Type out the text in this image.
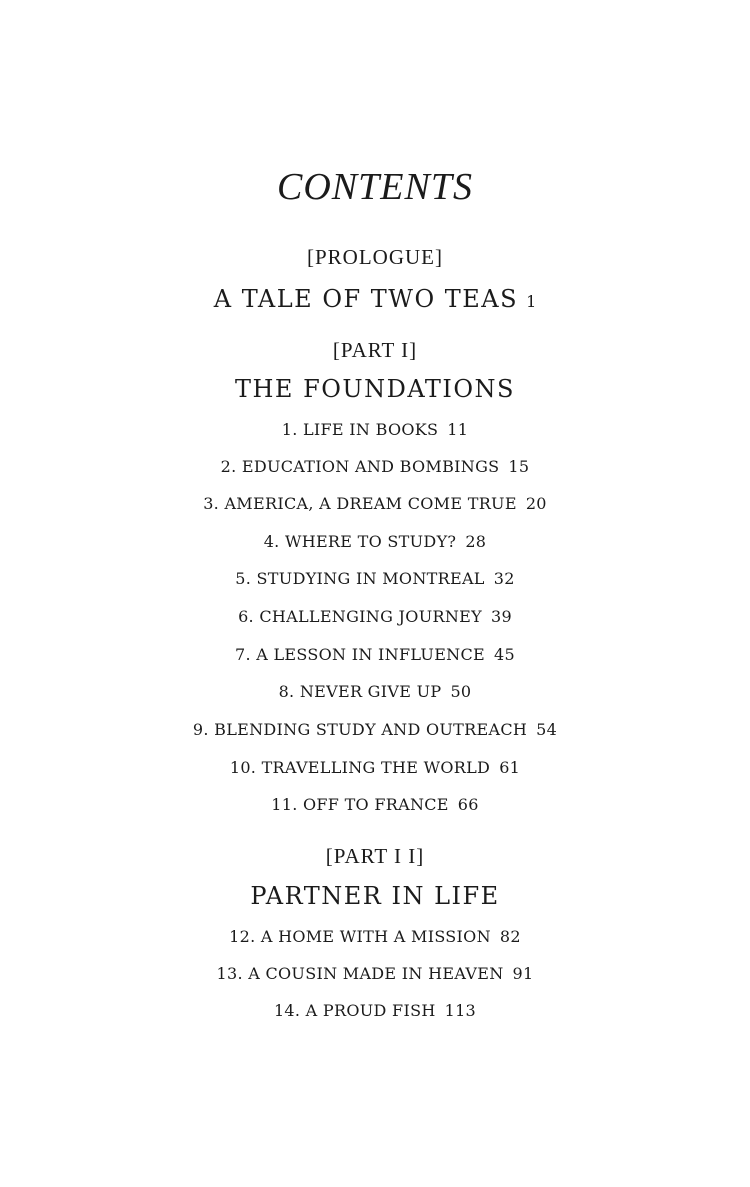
CONTENTS
[PROLOGUE]
A TALE OF TWO TEAS 1
[PART I]
THE FOUNDATIONS
1. LIFE IN BOOKS 11
2. EDUCATION AND BOMBINGS 15
3. AMERICA, A DREAM COME TRUE 20
4. WHERE TO STUDY? 28
5. STUDYING IN MONTREAL 32
6. CHALLENGING JOURNEY 39
7. A LESSON IN INFLUENCE 45
8. NEVER GIVE UP 50
9. BLENDING STUDY AND OUTREACH 54
10. TRAVELLING THE WORLD 61
11. OFF TO FRANCE 66
[PART I I]
PARTNER IN LIFE
12. A HOME WITH A MISSION 82
13. A COUSIN MADE IN HEAVEN 91
14. A PROUD FISH 113
